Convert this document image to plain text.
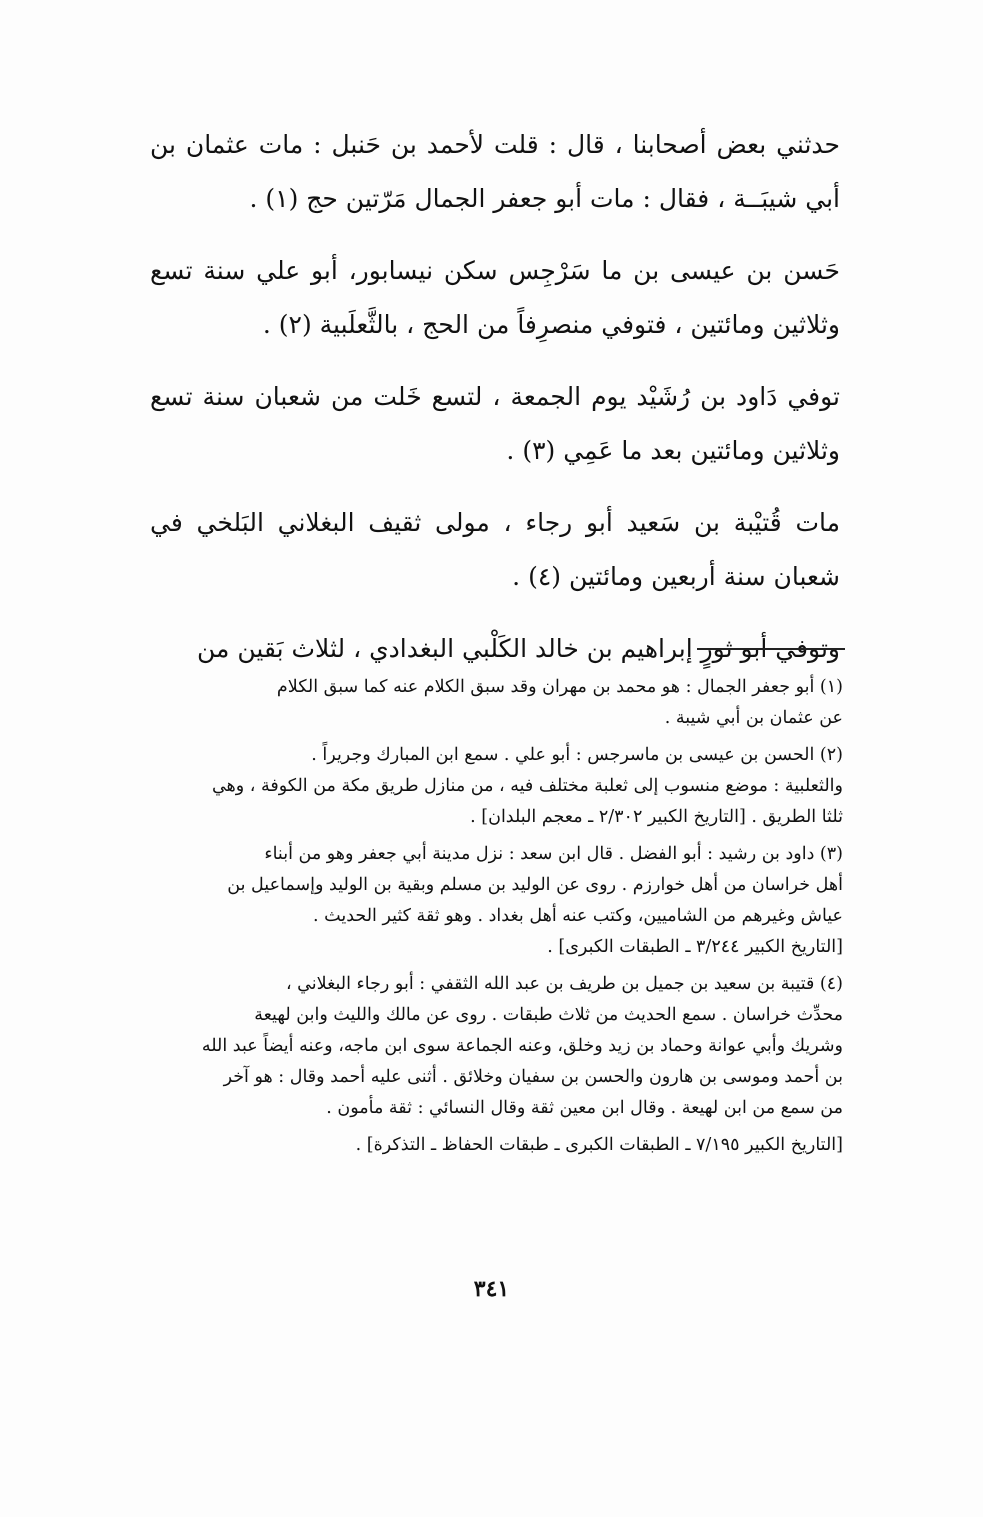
حدثني بعض أصحابنا ، قال : قلت لأحمد بن حَنبل : مات عثمان بن أبي شيبَــة ، فقال : مات أبو جعفر الجمال مَرّتين حج (١) .

حَسن بن عيسى بن ما سَرْجِس سكن نيسابور، أبو علي سنة تسع وثلاثين ومائتين ، فتوفي منصرِفاً من الحج ، بالثَّعلَبية (٢) .

توفي دَاود بن رُشَيْد يوم الجمعة ، لتسع خَلت من شعبان سنة تسع وثلاثين ومائتين بعد ما عَمِي (٣) .

مات قُتيْبة بن سَعيد أبو رجاء ، مولى ثقيف البغلاني البَلخي في شعبان سنة أربعين ومائتين (٤) .

وتوفي أبو ثورٍ إبراهيم بن خالد الكَلْبي البغدادي ، لثلاث بَقين من

(١) أبو جعفر الجمال : هو محمد بن مهران وقد سبق الكلام عنه كما سبق الكلام
عن عثمان بن أبي شيبة .
(٢) الحسن بن عيسى بن ماسرجس : أبو علي . سمع ابن المبارك وجريراً .
والثعلبية : موضع منسوب إلى ثعلبة مختلف فيه ، من منازل طريق مكة من الكوفة ، وهي
ثلثا الطريق . [التاريخ الكبير ٢/٣٠٢ ـ معجم البلدان] .
(٣) داود بن رشيد : أبو الفضل . قال ابن سعد : نزل مدينة أبي جعفر وهو من أبناء
أهل خراسان من أهل خوارزم . روى عن الوليد بن مسلم وبقية بن الوليد وإسماعيل بن
عياش وغيرهم من الشاميين، وكتب عنه أهل بغداد . وهو ثقة كثير الحديث .
[التاريخ الكبير ٣/٢٤٤ ـ الطبقات الكبرى] .
(٤) قتيبة بن سعيد بن جميل بن طريف بن عبد الله الثقفي : أبو رجاء البغلاني ،
محدِّث خراسان . سمع الحديث من ثلاث طبقات . روى عن مالك والليث وابن لهيعة
وشريك وأبي عوانة وحماد بن زيد وخلق، وعنه الجماعة سوى ابن ماجه، وعنه أيضاً عبد الله
بن أحمد وموسى بن هارون والحسن بن سفيان وخلائق . أثنى عليه أحمد وقال : هو آخر
من سمع من ابن لهيعة . وقال ابن معين ثقة وقال النسائي : ثقة مأمون .
[التاريخ الكبير ٧/١٩٥ ـ الطبقات الكبرى ـ طبقات الحفاظ ـ التذكرة] .
٣٤١
